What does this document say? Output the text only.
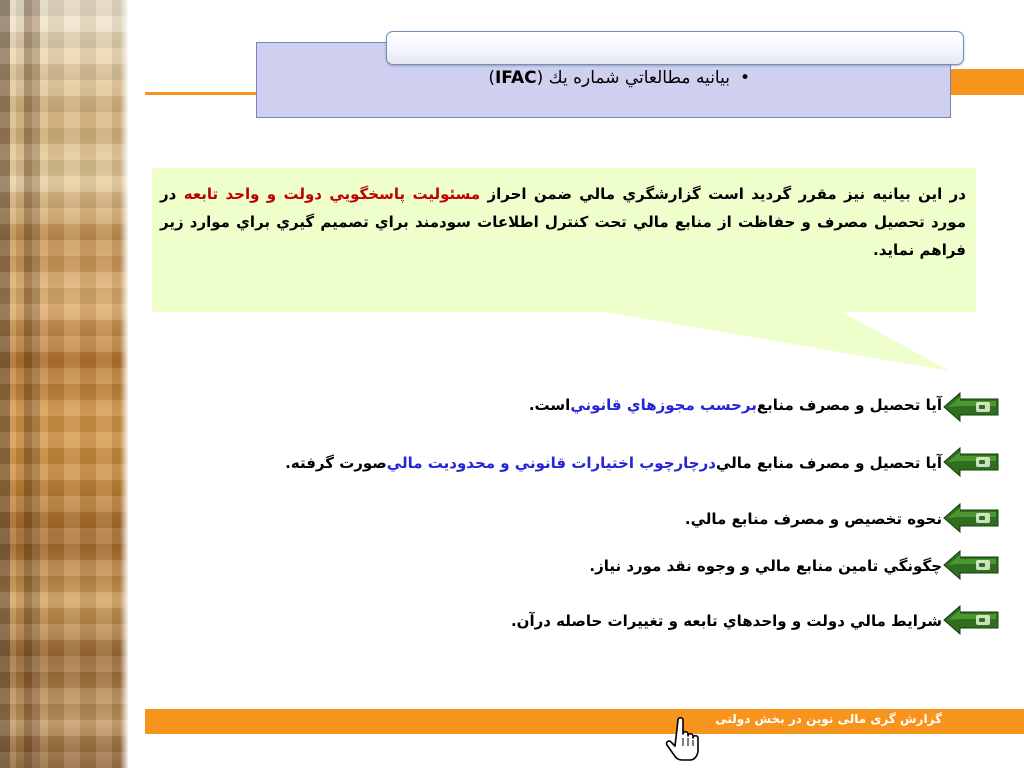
•بيانيه مطالعاتي شماره يك (IFAC)
در اين بيانيه نيز مقرر گرديد است گزارشگري مالي ضمن احراز مسئوليت پاسخگويي دولت و واحد تابعه در مورد تحصيل مصرف و حفاظت از منابع مالي تحت كنترل اطلاعات سودمند براي تصميم گيري براي موارد زير فراهم نمايد.
آيا تحصيل و مصرف منابع
برحسب مجوزهاي قانوني
است.
آيا تحصيل و مصرف منابع مالي
درچارچوب اختيارات قانوني و محدوديت مالي
صورت گرفته.
نحوه تخصيص و مصرف منابع مالي.
چگونگي تامين منابع مالي و وجوه نقد مورد نياز.
شرايط مالي دولت و واحدهاي تابعه و تغييرات حاصله درآن.
گزارش گری مالی نوین در بخش دولتی
